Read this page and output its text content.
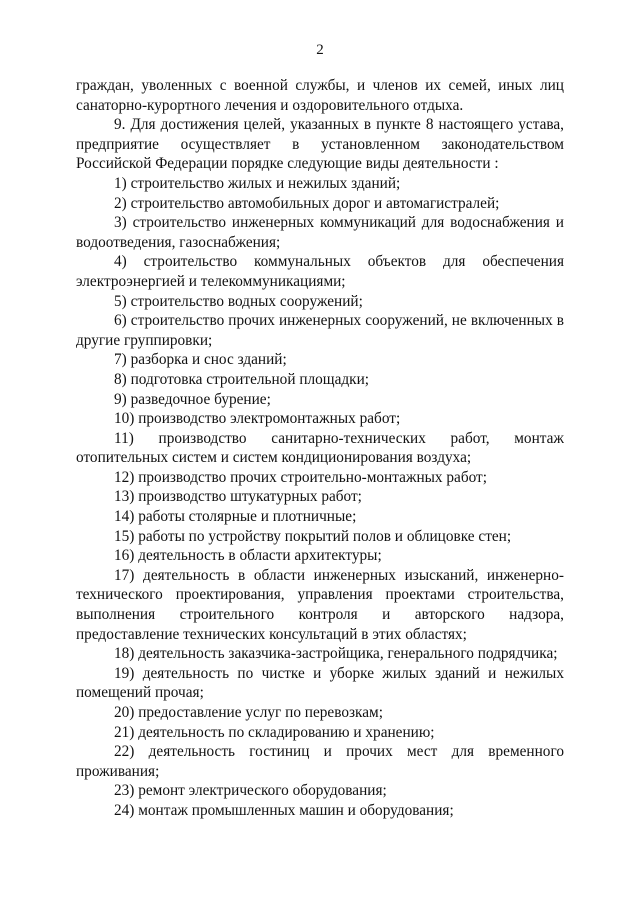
2

граждан, уволенных с военной службы, и членов их семей, иных лиц санаторно-курортного лечения и оздоровительного отдыха.

9. Для достижения целей, указанных в пункте 8 настоящего устава, предприятие осуществляет в установленном законодательством Российской Федерации порядке следующие виды деятельности :

1) строительство жилых и нежилых зданий;

2) строительство автомобильных дорог и автомагистралей;

3) строительство инженерных коммуникаций для водоснабжения и водоотведения, газоснабжения;

4) строительство коммунальных объектов для обеспечения электроэнергией и телекоммуникациями;

5) строительство водных сооружений;

6) строительство прочих инженерных сооружений, не включенных в другие группировки;

7) разборка и снос зданий;

8) подготовка строительной площадки;

9) разведочное бурение;

10) производство электромонтажных работ;

11) производство санитарно-технических работ, монтаж отопительных систем и систем кондиционирования воздуха;

12) производство прочих строительно-монтажных работ;

13) производство штукатурных работ;

14) работы столярные и плотничные;

15) работы по устройству покрытий полов и облицовке стен;

16) деятельность в области архитектуры;

17) деятельность в области инженерных изысканий, инженерно-технического проектирования, управления проектами строительства, выполнения строительного контроля и авторского надзора, предоставление технических консультаций в этих областях;

18) деятельность заказчика-застройщика, генерального подрядчика;

19) деятельность по чистке и уборке жилых зданий и нежилых помещений прочая;

20) предоставление услуг по перевозкам;

21) деятельность по складированию и хранению;

22) деятельность гостиниц и прочих мест для временного проживания;

23) ремонт электрического оборудования;

24) монтаж промышленных машин и оборудования;
